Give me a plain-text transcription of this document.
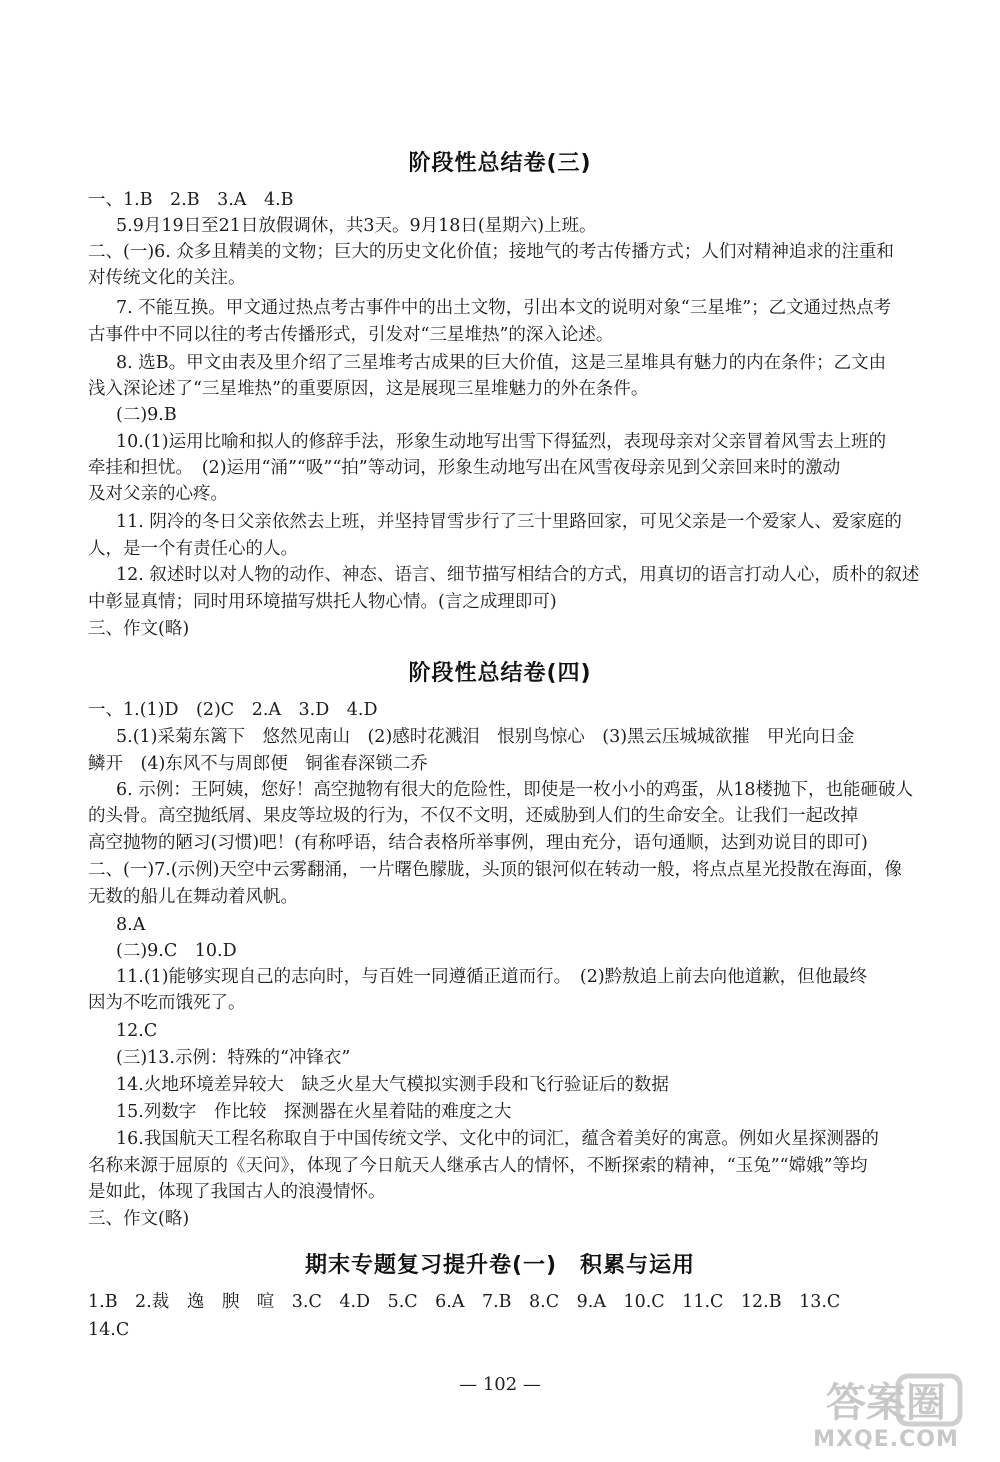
阶段性总结卷(三)
一、1.B　2.B　3.A　4.B
5.9月19日至21日放假调休，共3天。9月18日(星期六)上班。
二、(一)6. 众多且精美的文物；巨大的历史文化价值；接地气的考古传播方式；人们对精神追求的注重和
对传统文化的关注。
7. 不能互换。甲文通过热点考古事件中的出土文物，引出本文的说明对象“三星堆”；乙文通过热点考
古事件中不同以往的考古传播形式，引发对“三星堆热”的深入论述。
8. 选B。甲文由表及里介绍了三星堆考古成果的巨大价值，这是三星堆具有魅力的内在条件；乙文由
浅入深论述了“三星堆热”的重要原因，这是展现三星堆魅力的外在条件。
(二)9.B
10.(1)运用比喻和拟人的修辞手法，形象生动地写出雪下得猛烈，表现母亲对父亲冒着风雪去上班的
牵挂和担忧。　(2)运用“涌”“吸”“拍”等动词，形象生动地写出在风雪夜母亲见到父亲回来时的激动
及对父亲的心疼。
11. 阴冷的冬日父亲依然去上班，并坚持冒雪步行了三十里路回家，可见父亲是一个爱家人、爱家庭的
人，是一个有责任心的人。
12. 叙述时以对人物的动作、神态、语言、细节描写相结合的方式，用真切的语言打动人心，质朴的叙述
中彰显真情；同时用环境描写烘托人物心情。(言之成理即可)
三、作文(略)
阶段性总结卷(四)
一、1.(1)D　(2)C　2.A　3.D　4.D
5.(1)采菊东篱下　悠然见南山　(2)感时花溅泪　恨别鸟惊心　(3)黑云压城城欲摧　甲光向日金
鳞开　(4)东风不与周郎便　铜雀春深锁二乔
6. 示例：王阿姨，您好！高空抛物有很大的危险性，即使是一枚小小的鸡蛋，从18楼抛下，也能砸破人
的头骨。高空抛纸屑、果皮等垃圾的行为，不仅不文明，还威胁到人们的生命安全。让我们一起改掉
高空抛物的陋习(习惯)吧！(有称呼语，结合表格所举事例，理由充分，语句通顺，达到劝说目的即可)
二、(一)7.(示例)天空中云雾翻涌，一片曙色朦胧，头顶的银河似在转动一般，将点点星光投散在海面，像
无数的船儿在舞动着风帆。
8.A
(二)9.C　10.D
11.(1)能够实现自己的志向时，与百姓一同遵循正道而行。　(2)黔敖追上前去向他道歉，但他最终
因为不吃而饿死了。
12.C
(三)13.示例：特殊的“冲锋衣”
14.火地环境差异较大　缺乏火星大气模拟实测手段和飞行验证后的数据
15.列数字　作比较　探测器在火星着陆的难度之大
16.我国航天工程名称取自于中国传统文学、文化中的词汇，蕴含着美好的寓意。例如火星探测器的
名称来源于屈原的《天问》，体现了今日航天人继承古人的情怀，不断探索的精神，“玉兔”“嫦娥”等均
是如此，体现了我国古人的浪漫情怀。
三、作文(略)
期末专题复习提升卷(一)　积累与运用
1.B　2.裁　逸　腴　喧　3.C　4.D　5.C　6.A　7.B　8.C　9.A　10.C　11.C　12.B　13.C
14.C
— 102 —	答案圈
MXQE.COM
